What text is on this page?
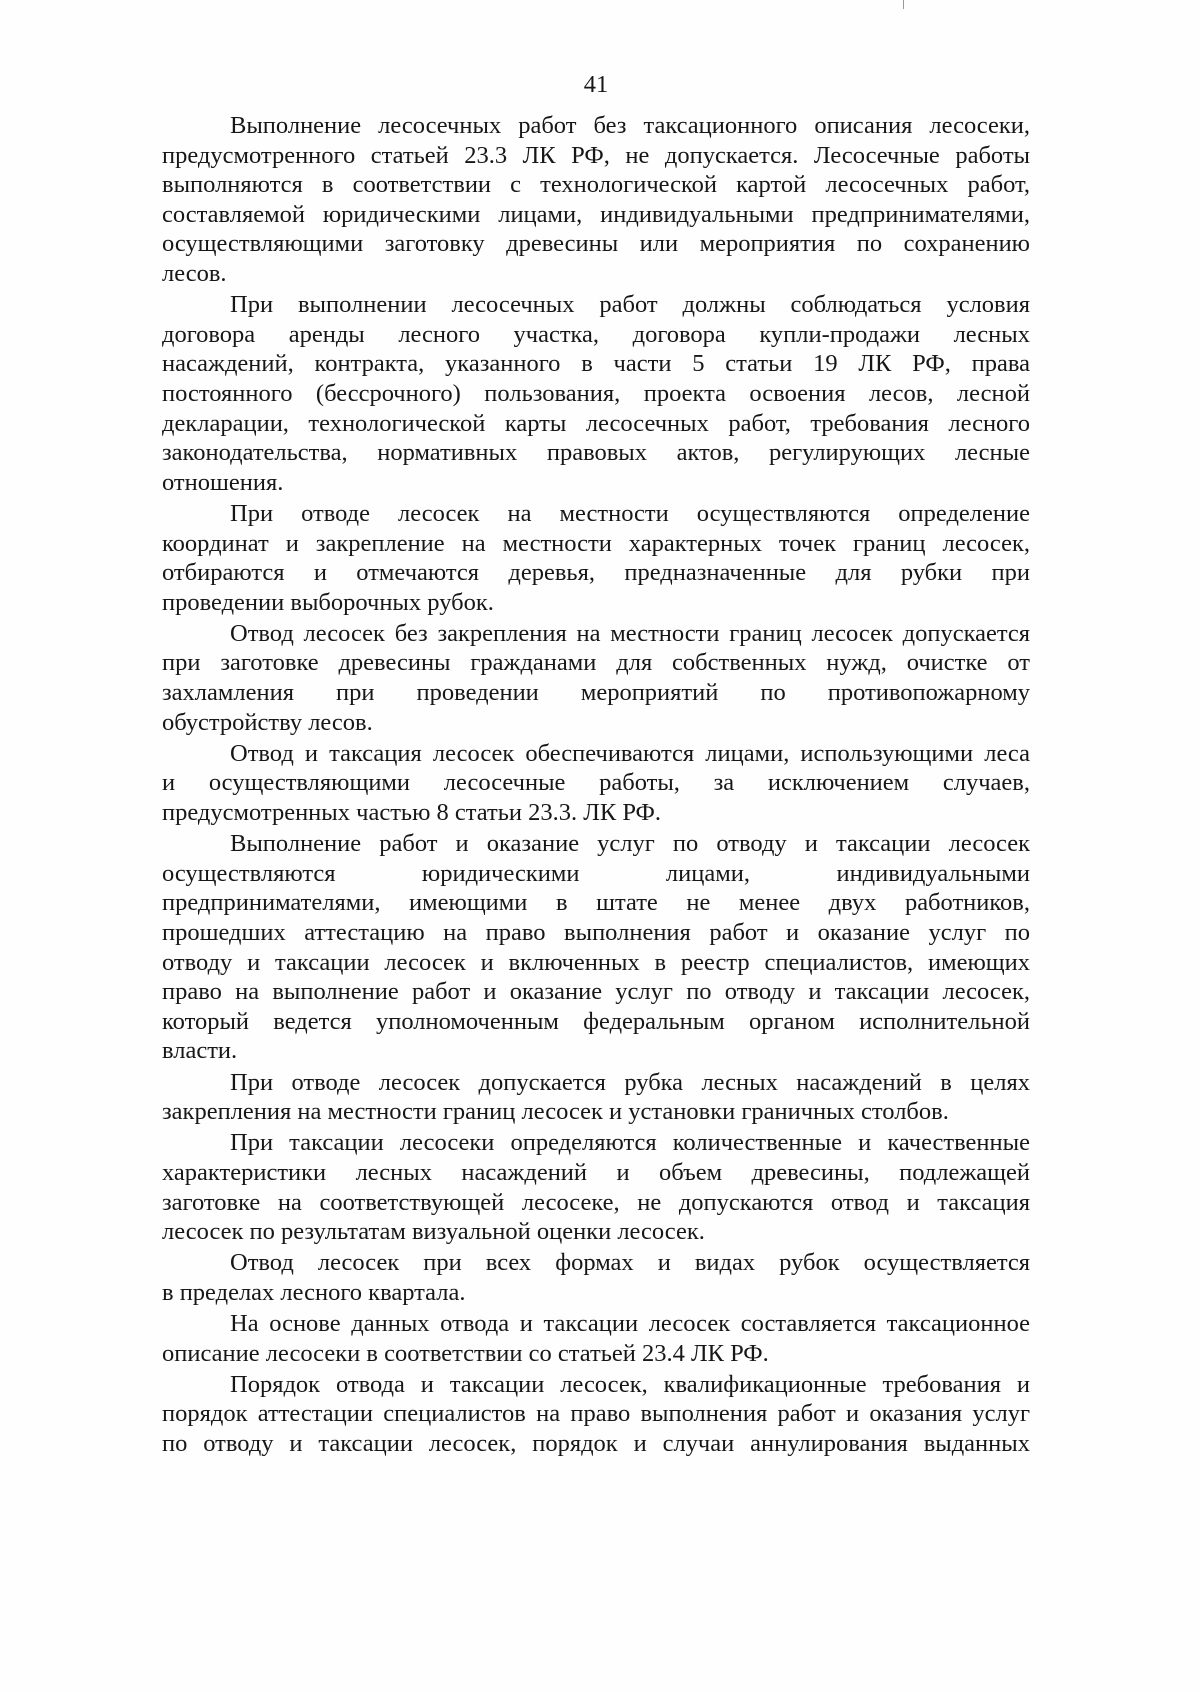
41
Выполнение лесосечных работ без таксационного описания лесосеки,
предусмотренного статьей 23.3 ЛК РФ, не допускается. Лесосечные работы
выполняются в соответствии с технологической картой лесосечных работ,
составляемой юридическими лицами, индивидуальными предпринимателями,
осуществляющими заготовку древесины или мероприятия по сохранению
лесов.
При выполнении лесосечных работ должны соблюдаться условия
договора аренды лесного участка, договора купли-продажи лесных
насаждений, контракта, указанного в части 5 статьи 19 ЛК РФ, права
постоянного (бессрочного) пользования, проекта освоения лесов, лесной
декларации, технологической карты лесосечных работ, требования лесного
законодательства, нормативных правовых актов, регулирующих лесные
отношения.
При отводе лесосек на местности осуществляются определение
координат и закрепление на местности характерных точек границ лесосек,
отбираются и отмечаются деревья, предназначенные для рубки при
проведении выборочных рубок.
Отвод лесосек без закрепления на местности границ лесосек допускается
при заготовке древесины гражданами для собственных нужд, очистке от
захламления при проведении мероприятий по противопожарному
обустройству лесов.
Отвод и таксация лесосек обеспечиваются лицами, использующими леса
и осуществляющими лесосечные работы, за исключением случаев,
предусмотренных частью 8 статьи 23.3. ЛК РФ.
Выполнение работ и оказание услуг по отводу и таксации лесосек
осуществляются юридическими лицами, индивидуальными
предпринимателями, имеющими в штате не менее двух работников,
прошедших аттестацию на право выполнения работ и оказание услуг по
отводу и таксации лесосек и включенных в реестр специалистов, имеющих
право на выполнение работ и оказание услуг по отводу и таксации лесосек,
который ведется уполномоченным федеральным органом исполнительной
власти.
При отводе лесосек допускается рубка лесных насаждений в целях
закрепления на местности границ лесосек и установки граничных столбов.
При таксации лесосеки определяются количественные и качественные
характеристики лесных насаждений и объем древесины, подлежащей
заготовке на соответствующей лесосеке, не допускаются отвод и таксация
лесосек по результатам визуальной оценки лесосек.
Отвод лесосек при всех формах и видах рубок осуществляется
в пределах лесного квартала.
На основе данных отвода и таксации лесосек составляется таксационное
описание лесосеки в соответствии со статьей 23.4 ЛК РФ.
Порядок отвода и таксации лесосек, квалификационные требования и
порядок аттестации специалистов на право выполнения работ и оказания услуг
по отводу и таксации лесосек, порядок и случаи аннулирования выданных
